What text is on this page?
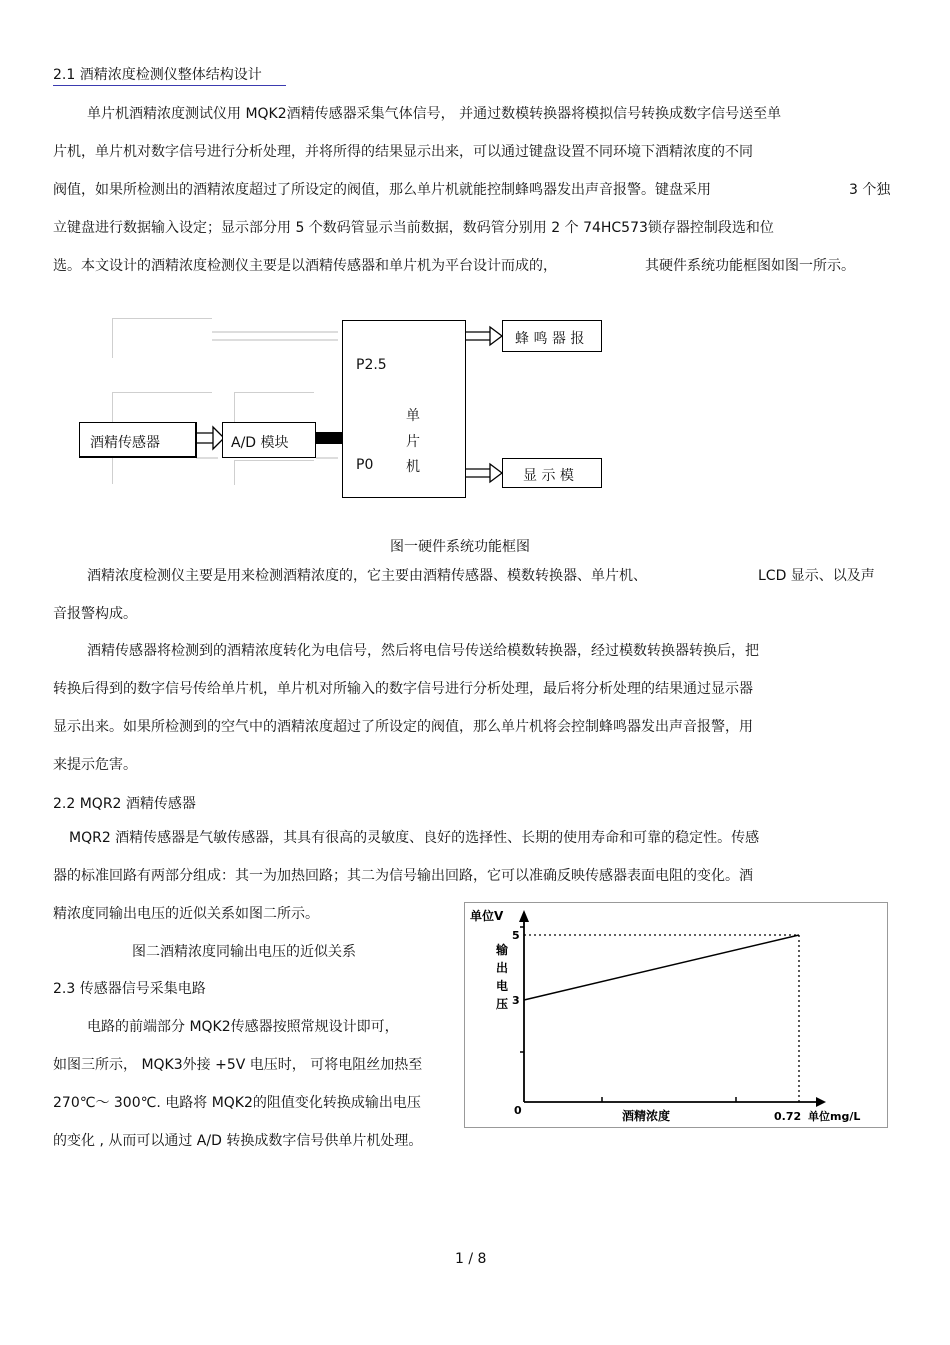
2.1 酒精浓度检测仪整体结构设计
单片机酒精浓度测试仪用 MQK2酒精传感器采集气体信号， 并通过数模转换器将模拟信号转换成数字信号送至单
片机，单片机对数字信号进行分析处理，并将所得的结果显示出来，可以通过键盘设置不同环境下酒精浓度的不同
阀值，如果所检测出的酒精浓度超过了所设定的阀值，那么单片机就能控制蜂鸣器发出声音报警。键盘采用	3 个独
立键盘进行数据输入设定；显示部分用 5 个数码管显示当前数据，数码管分别用 2 个 74HC573锁存器控制段选和位
选。本文设计的酒精浓度检测仪主要是以酒精传感器和单片机为平台设计而成的，	其硬件系统功能框图如图一所示。
酒精传感器	A/D 模块
P2.5
P0
单
片
机
蜂 鸣 器 报
显 示 模
图一硬件系统功能框图
酒精浓度检测仪主要是用来检测酒精浓度的，它主要由酒精传感器、模数转换器、单片机、	LCD 显示、以及声
音报警构成。
酒精传感器将检测到的酒精浓度转化为电信号，然后将电信号传送给模数转换器，经过模数转换器转换后，把
转换后得到的数字信号传给单片机，单片机对所输入的数字信号进行分析处理，最后将分析处理的结果通过显示器
显示出来。如果所检测到的空气中的酒精浓度超过了所设定的阀值，那么单片机将会控制蜂鸣器发出声音报警，用
来提示危害。
2.2 MQR2 酒精传感器
MQR2 酒精传感器是气敏传感器，其具有很高的灵敏度、良好的选择性、长期的使用寿命和可靠的稳定性。传感
器的标准回路有两部分组成：其一为加热回路；其二为信号输出回路，它可以准确反映传感器表面电阻的变化。酒
精浓度同输出电压的近似关系如图二所示。
图二酒精浓度同输出电压的近似关系
2.3 传感器信号采集电路
电路的前端部分 MQK2传感器按照常规设计即可，
如图三所示， MQK3外接 +5V 电压时， 可将电阻丝加热至
270℃～ 300℃. 电路将 MQK2的阻值变化转换成输出电压
的变化 , 从而可以通过 A/D 转换成数字信号供单片机处理。
单位V
输
出
电
压 3
5
0	酒精浓度	0.72 单位mg/L
1 / 8
